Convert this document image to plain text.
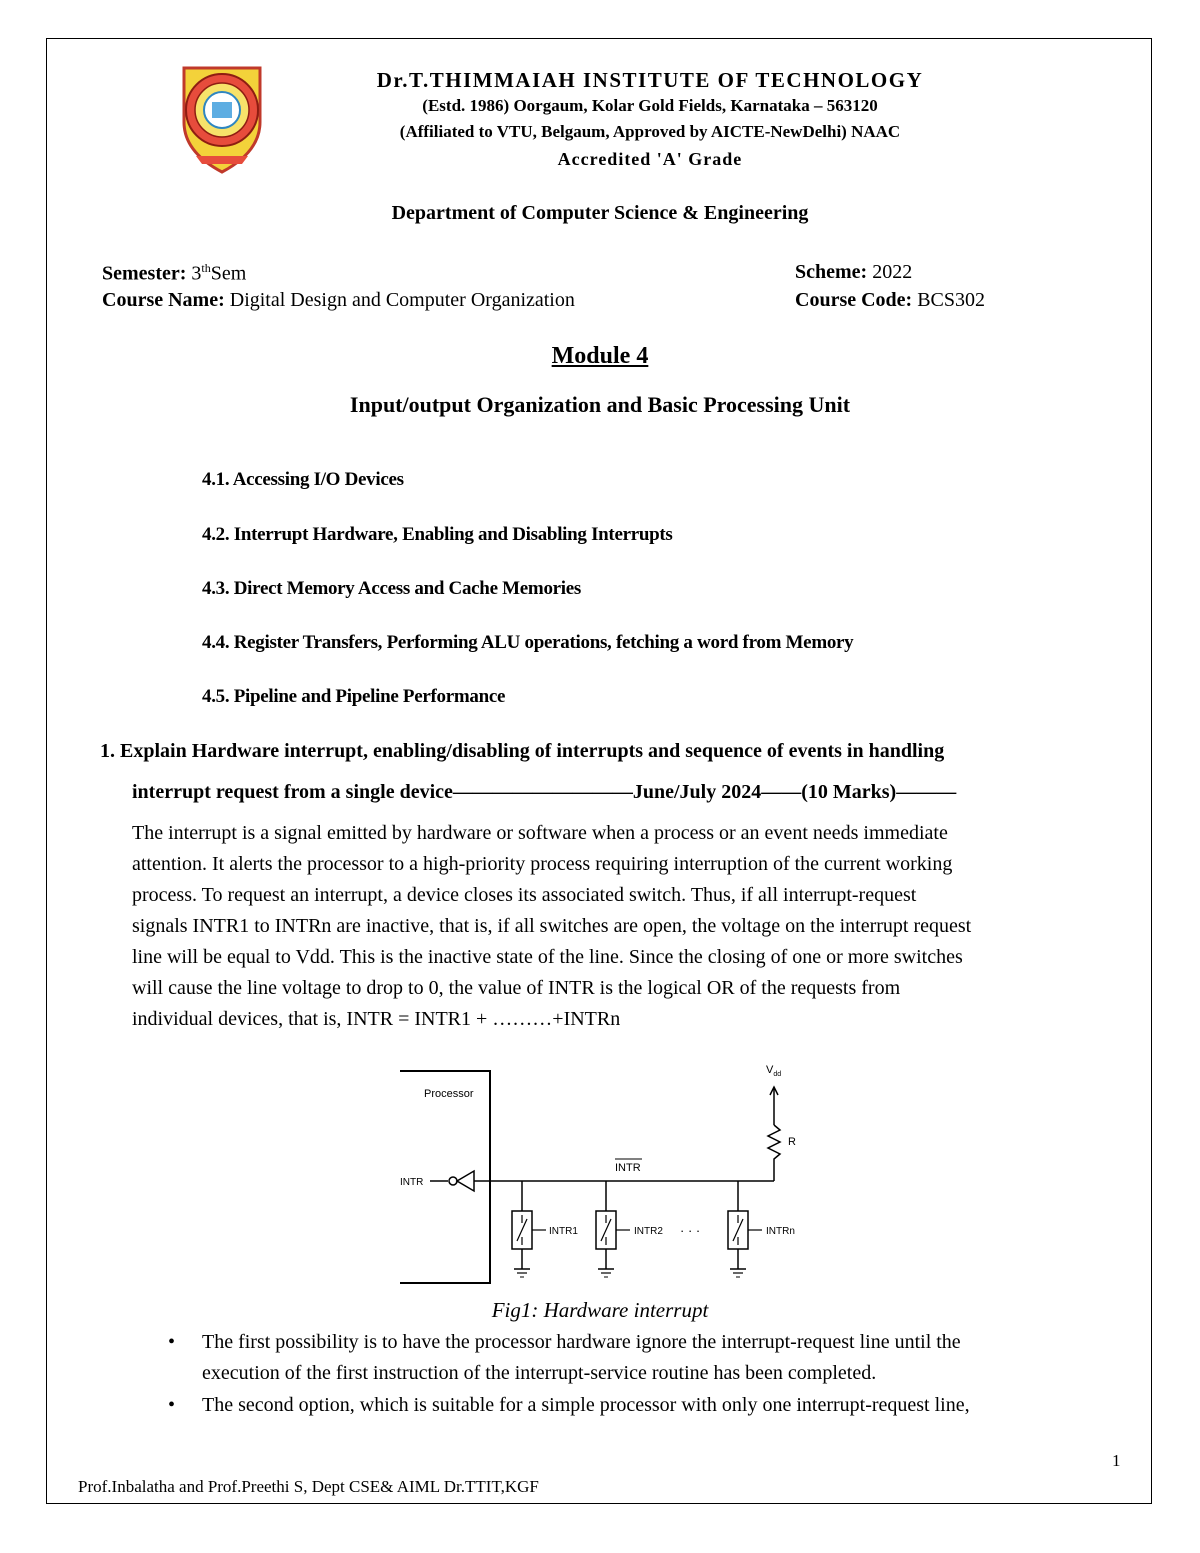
Dr.T.THIMMAIAH INSTITUTE OF TECHNOLOGY
(Estd. 1986) Oorgaum, Kolar Gold Fields, Karnataka – 563120
(Affiliated to VTU, Belgaum, Approved by AICTE-NewDelhi) NAAC
Accredited 'A' Grade
Department of Computer Science & Engineering
Semester: 3thSem	Scheme: 2022
Course Name: Digital Design and Computer Organization	Course Code: BCS302
Module 4
Input/output Organization and Basic Processing Unit
4.1. Accessing I/O Devices
4.2. Interrupt Hardware, Enabling and Disabling Interrupts
4.3. Direct Memory Access and Cache Memories
4.4. Register Transfers, Performing ALU operations, fetching a word from Memory
4.5. Pipeline and Pipeline Performance
1. Explain Hardware interrupt, enabling/disabling of interrupts and sequence of events in handling
interrupt request from a single device—————————June/July 2024——(10 Marks)———
The interrupt is a signal emitted by hardware or software when a process or an event needs immediate
attention. It alerts the processor to a high-priority process requiring interruption of the current working
process. To request an interrupt, a device closes its associated switch. Thus, if all interrupt-request
signals INTR1 to INTRn are inactive, that is, if all switches are open, the voltage on the interrupt request
line will be equal to Vdd. This is the inactive state of the line. Since the closing of one or more switches
will cause the line voltage to drop to 0, the value of INTR is the logical OR of the requests from
individual devices, that is, INTR = INTR1 + ………+INTRn
Processor
INTR
INTR
$V_{dd}$
R
INTR1	INTR2 · · ·	INTRn
Fig1: Hardware interrupt
• The first possibility is to have the processor hardware ignore the interrupt-request line until the
execution of the first instruction of the interrupt-service routine has been completed.
• The second option, which is suitable for a simple processor with only one interrupt-request line,
1
Prof.Inbalatha and Prof.Preethi S, Dept CSE& AIML Dr.TTIT,KGF
